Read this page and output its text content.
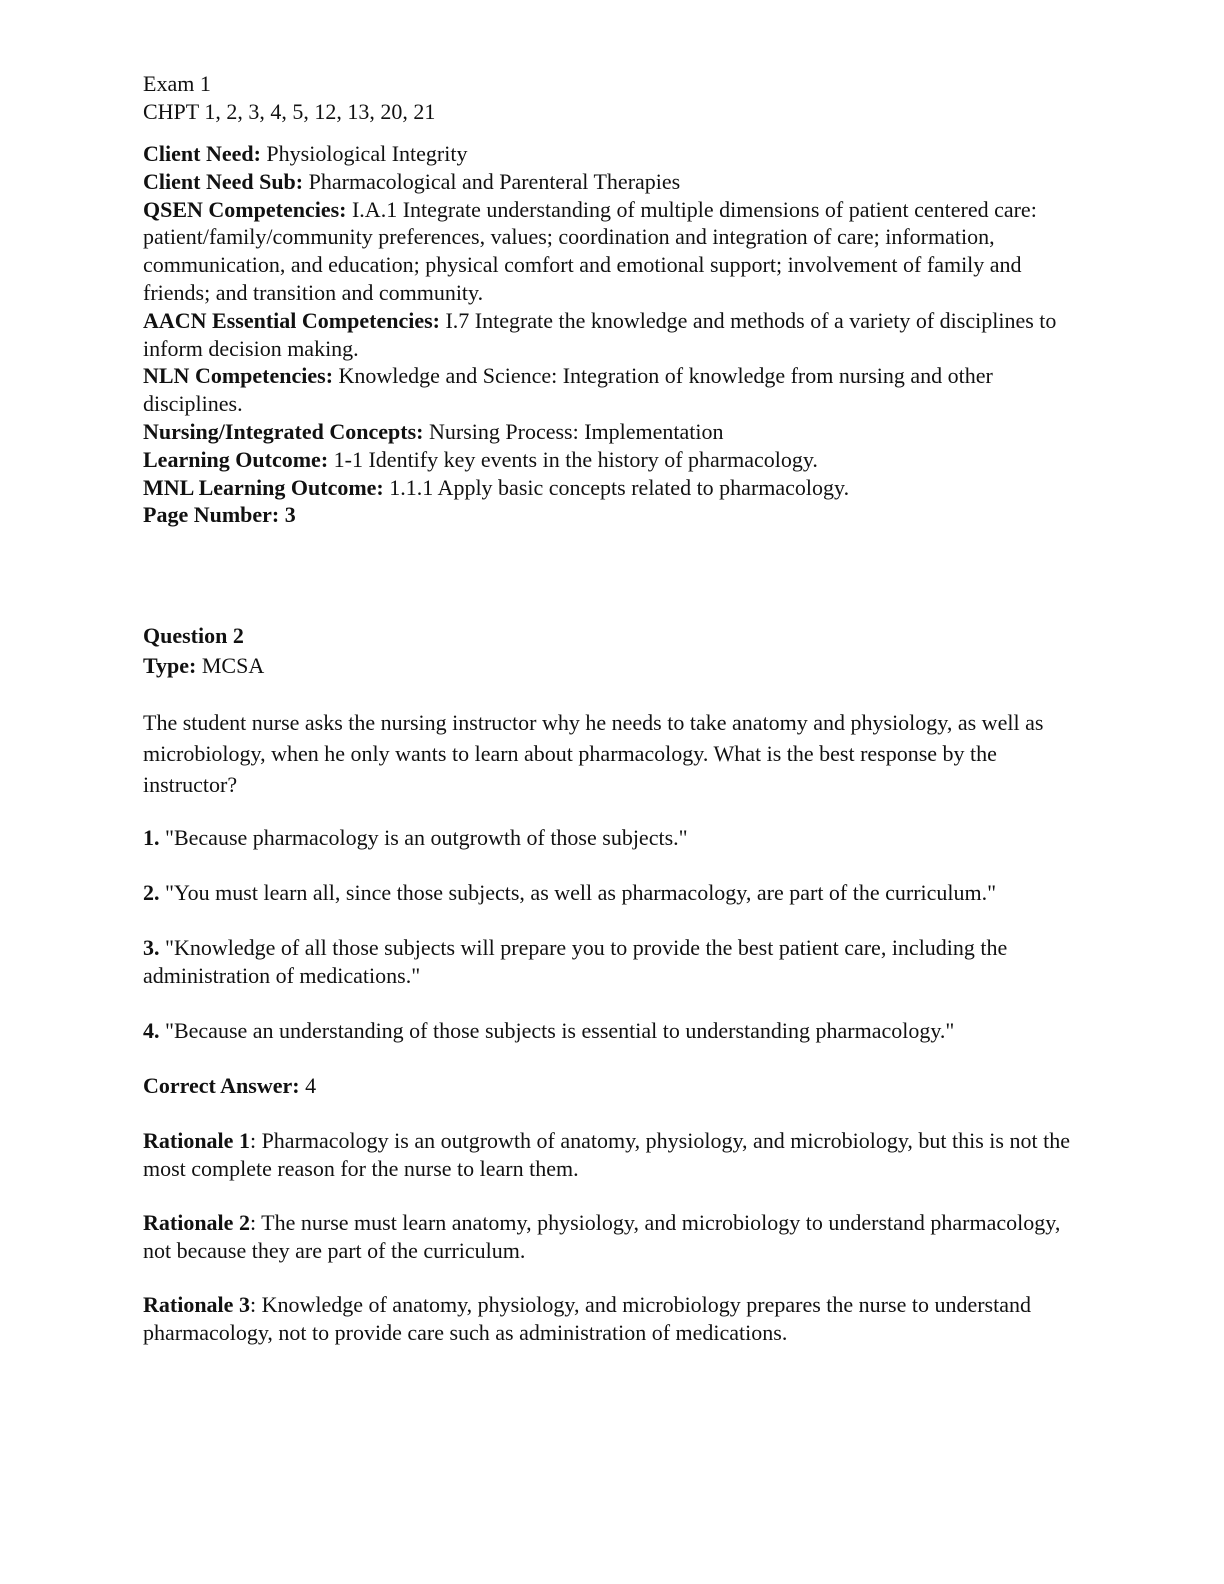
Exam 1

CHPT 1, 2, 3, 4, 5, 12, 13, 20, 21

Client Need: Physiological Integrity

Client Need Sub: Pharmacological and Parenteral Therapies

QSEN Competencies: I.A.1 Integrate understanding of multiple dimensions of patient centered care: patient/family/community preferences, values; coordination and integration of care; information, communication, and education; physical comfort and emotional support; involvement of family and friends; and transition and community.

AACN Essential Competencies: I.7 Integrate the knowledge and methods of a variety of disciplines to inform decision making.

NLN Competencies: Knowledge and Science: Integration of knowledge from nursing and other disciplines.

Nursing/Integrated Concepts: Nursing Process: Implementation

Learning Outcome: 1-1 Identify key events in the history of pharmacology.

MNL Learning Outcome: 1.1.1 Apply basic concepts related to pharmacology.

Page Number: 3

Question 2

Type: MCSA

The student nurse asks the nursing instructor why he needs to take anatomy and physiology, as well as microbiology, when he only wants to learn about pharmacology. What is the best response by the instructor?

1. "Because pharmacology is an outgrowth of those subjects."

2. "You must learn all, since those subjects, as well as pharmacology, are part of the curriculum."

3. "Knowledge of all those subjects will prepare you to provide the best patient care, including the administration of medications."

4. "Because an understanding of those subjects is essential to understanding pharmacology."

Correct Answer: 4

Rationale 1: Pharmacology is an outgrowth of anatomy, physiology, and microbiology, but this is not the most complete reason for the nurse to learn them.

Rationale 2: The nurse must learn anatomy, physiology, and microbiology to understand pharmacology, not because they are part of the curriculum.

Rationale 3: Knowledge of anatomy, physiology, and microbiology prepares the nurse to understand pharmacology, not to provide care such as administration of medications.
